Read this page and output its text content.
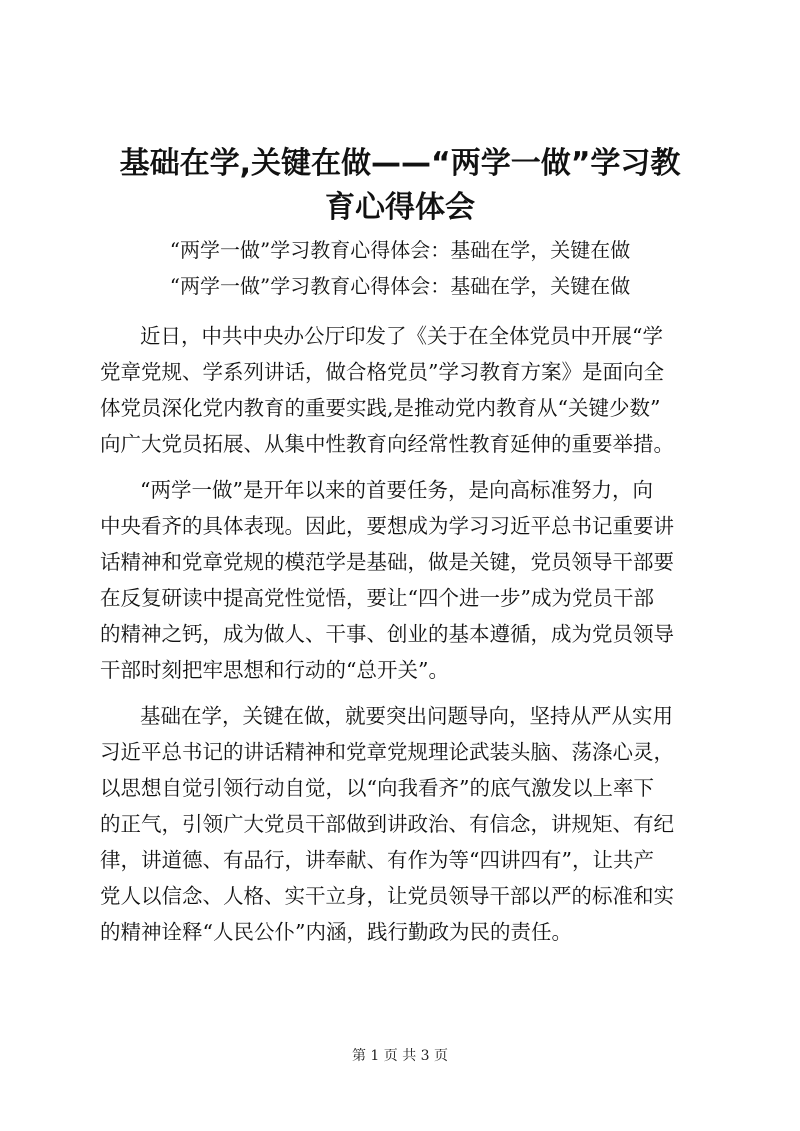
基础在学,关键在做——“两学一做”学习教
育心得体会

“两学一做”学习教育心得体会：基础在学，关键在做

“两学一做”学习教育心得体会：基础在学，关键在做

近日，中共中央办公厅印发了《关于在全体党员中开展“学

党章党规、学系列讲话，做合格党员”学习教育方案》是面向全

体党员深化党内教育的重要实践,是推动党内教育从“关键少数”

向广大党员拓展、从集中性教育向经常性教育延伸的重要举措。

“两学一做”是开年以来的首要任务，是向高标准努力，向

中央看齐的具体表现。因此，要想成为学习习近平总书记重要讲

话精神和党章党规的模范学是基础，做是关键，党员领导干部要

在反复研读中提高党性觉悟，要让“四个进一步”成为党员干部

的精神之钙，成为做人、干事、创业的基本遵循，成为党员领导

干部时刻把牢思想和行动的“总开关”。

基础在学，关键在做，就要突出问题导向，坚持从严从实用

习近平总书记的讲话精神和党章党规理论武装头脑、荡涤心灵，

以思想自觉引领行动自觉，以“向我看齐”的底气激发以上率下

的正气，引领广大党员干部做到讲政治、有信念，讲规矩、有纪

律，讲道德、有品行，讲奉献、有作为等“四讲四有”，让共产

党人以信念、人格、实干立身，让党员领导干部以严的标准和实

的精神诠释“人民公仆”内涵，践行勤政为民的责任。

第 1 页 共 3 页
